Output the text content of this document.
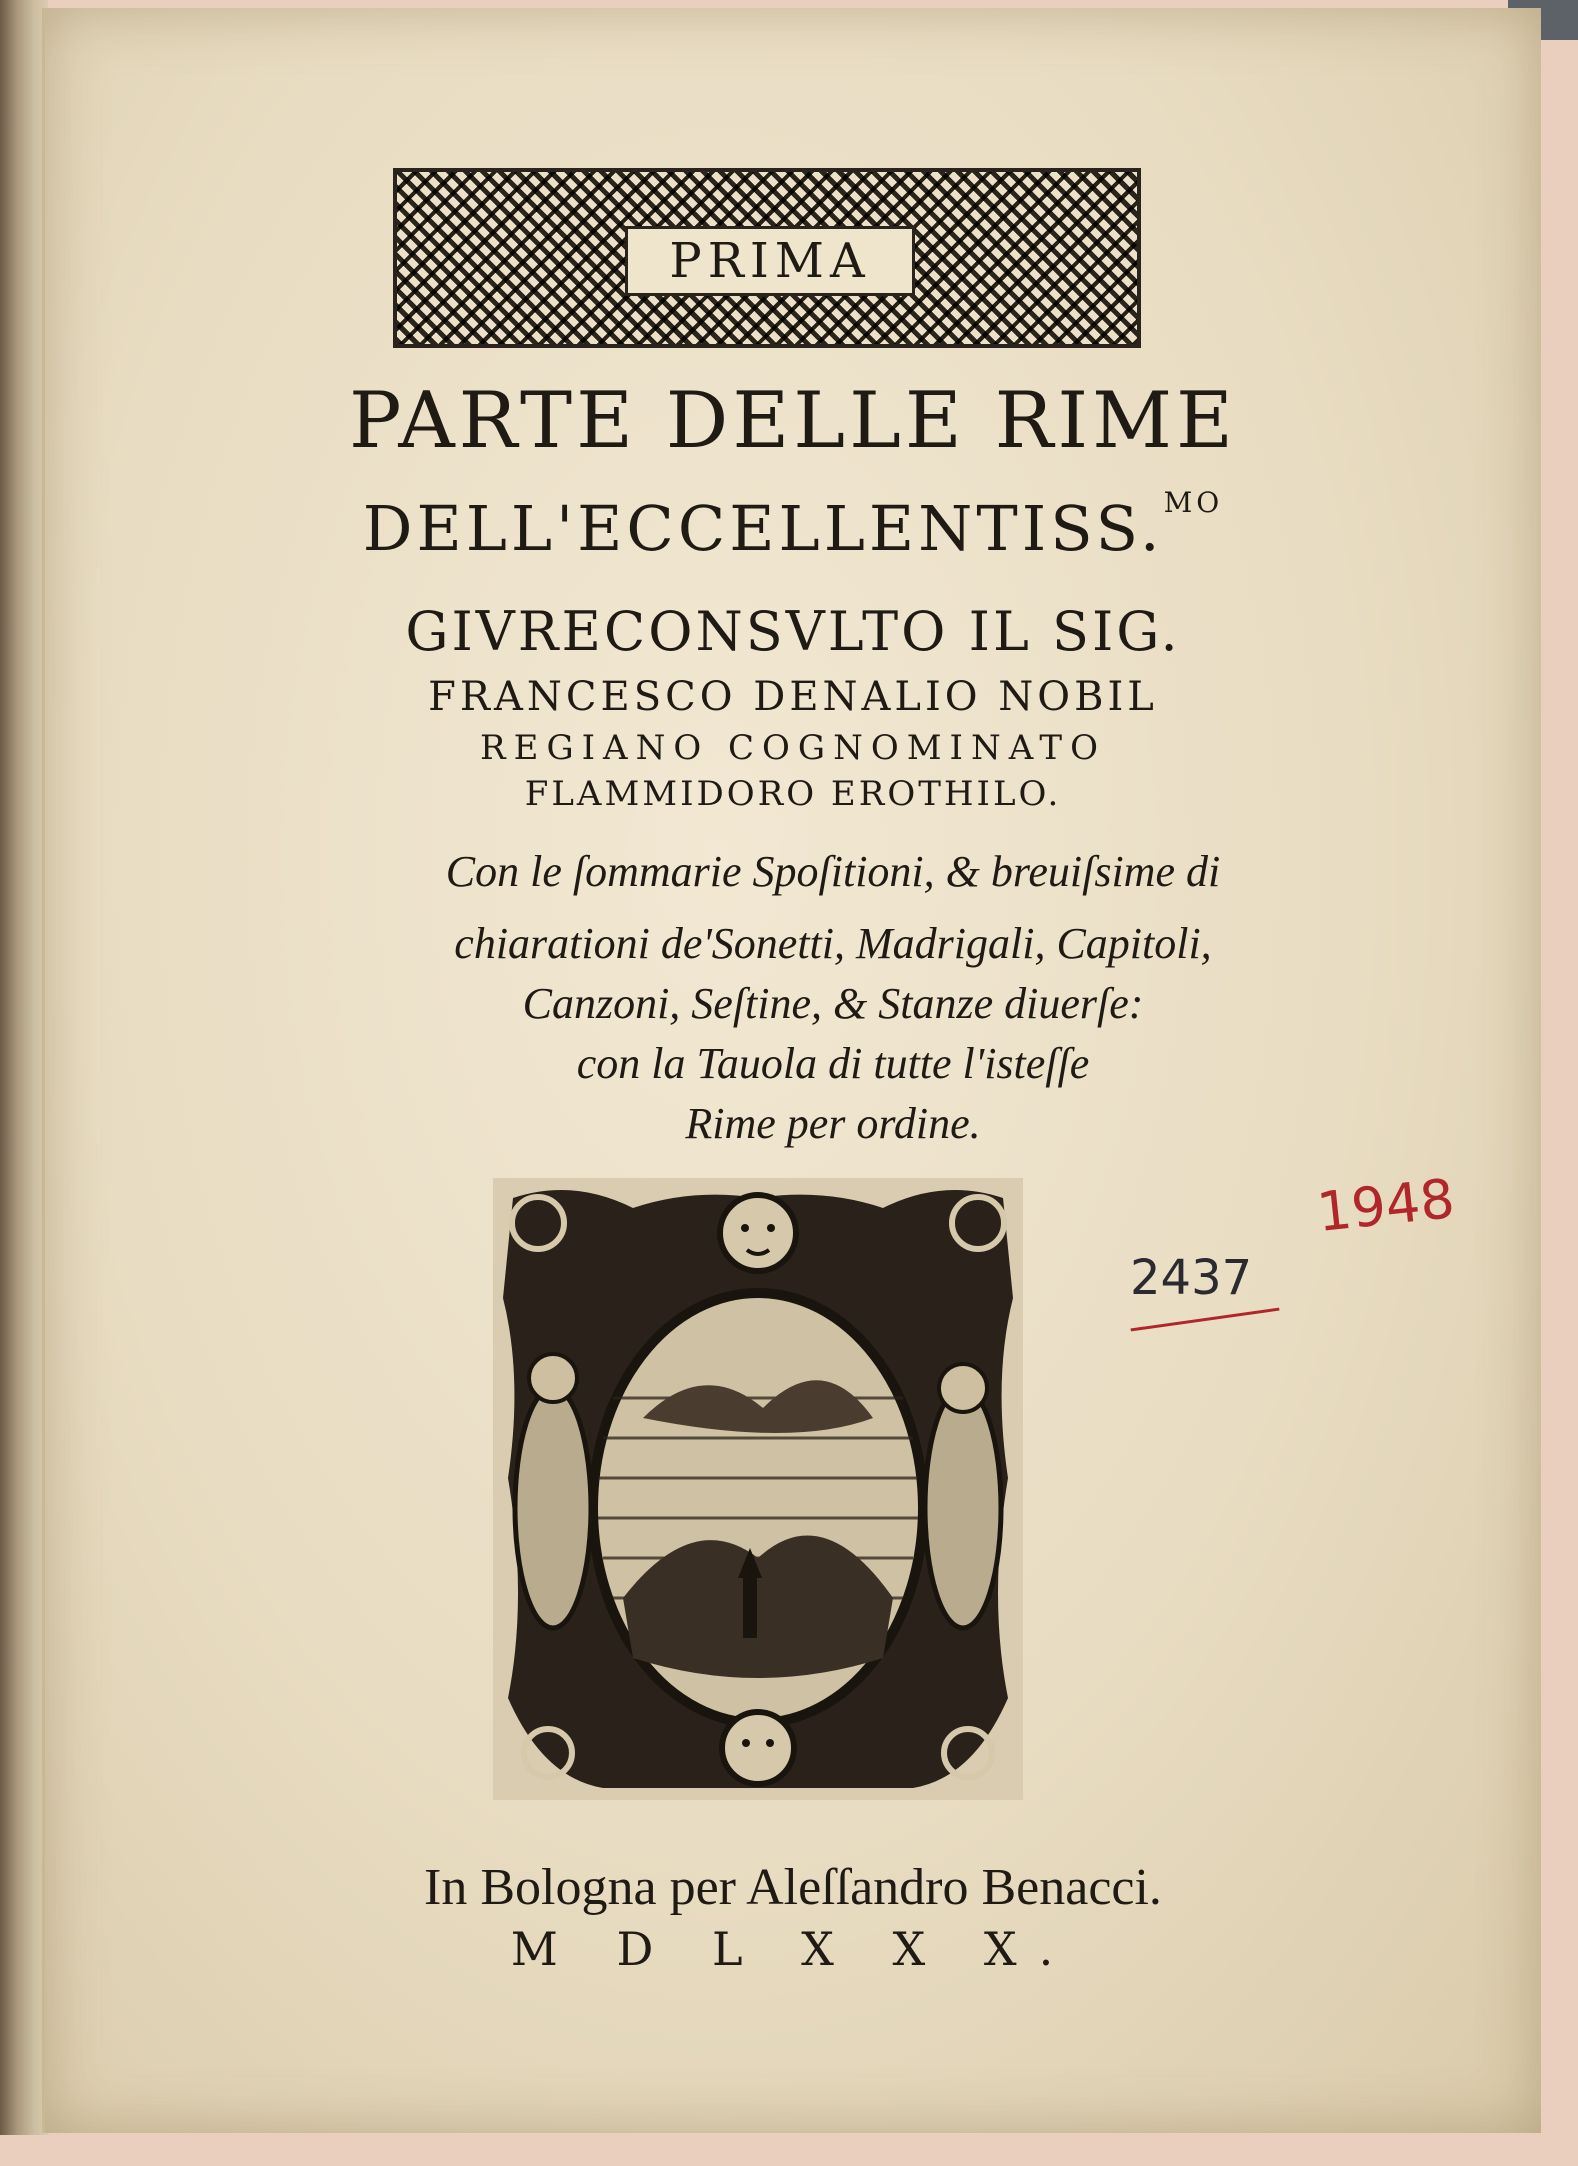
PRIMA
PARTE DELLE RIME
DELL'ECCELLENTISS.$^{MO}$
GIVRECONSVLTO IL SIG.
FRANCESCO DENALIO NOBIL
REGIANO COGNOMINATO
FLAMMIDORO EROTHILO.
Con le ſommarie Spoſitioni, & breuiſsime di
chiarationi de'Sonetti, Madrigali, Capitoli,
Canzoni, Seſtine, & Stanze diuerſe:
con la Tauola di tutte l'isteſſe
Rime per ordine.
1948
2437
In Bologna per Aleſſandro Benacci.
M D L X X X.
